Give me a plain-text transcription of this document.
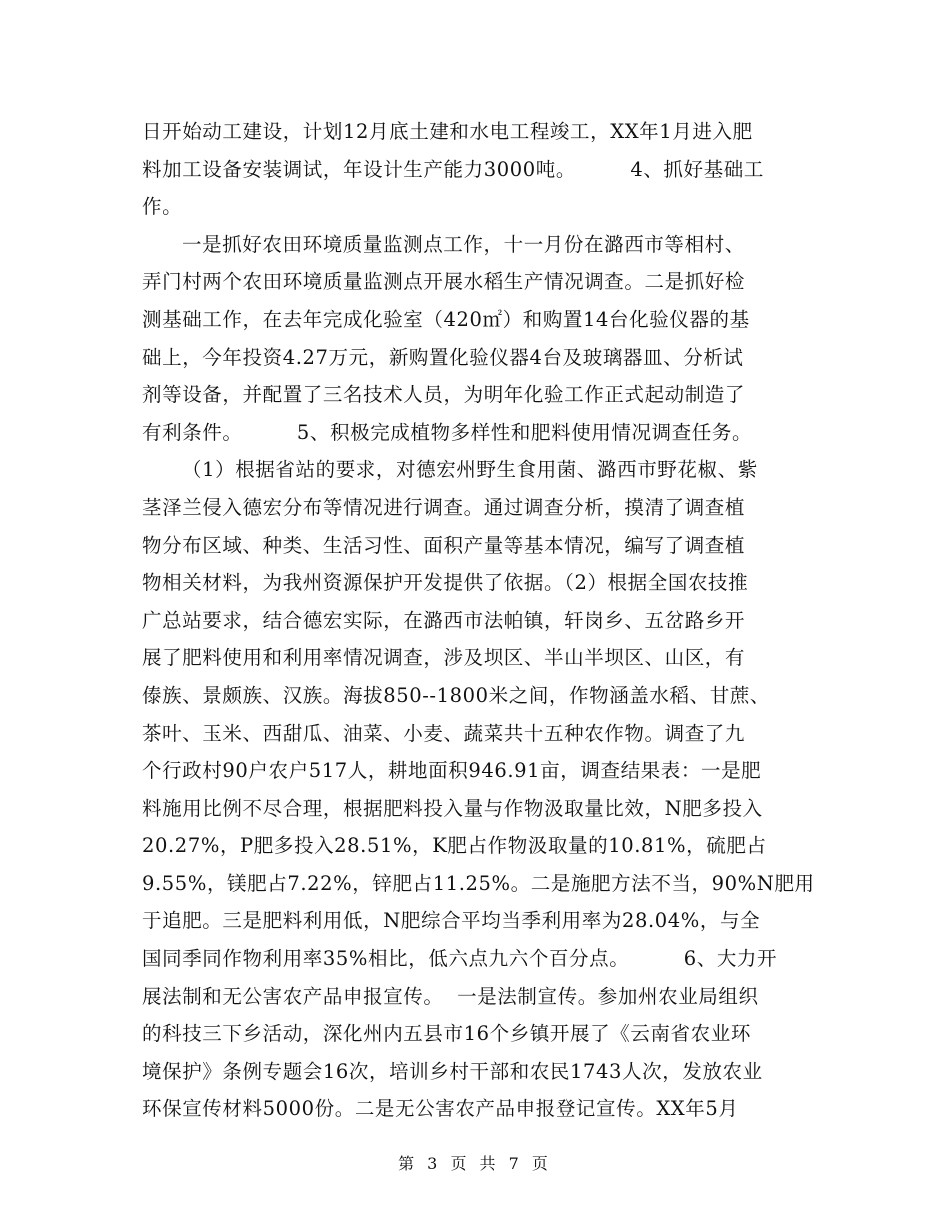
日开始动工建设，计划12月底土建和水电工程竣工，XX年1月进入肥
料加工设备安装调试，年设计生产能力3000吨。        4、抓好基础工
作。
一是抓好农田环境质量监测点工作，十一月份在潞西市等相村、
弄门村两个农田环境质量监测点开展水稻生产情况调查。二是抓好检
测基础工作，在去年完成化验室（420㎡）和购置14台化验仪器的基
础上，今年投资4.27万元，新购置化验仪器4台及玻璃器皿、分析试
剂等设备，并配置了三名技术人员，为明年化验工作正式起动制造了
有利条件。        5、积极完成植物多样性和肥料使用情况调查任务。
（1）根据省站的要求，对德宏州野生食用菌、潞西市野花椒、紫
茎泽兰侵入德宏分布等情况进行调查。通过调查分析，摸清了调查植
物分布区域、种类、生活习性、面积产量等基本情况，编写了调查植
物相关材料，为我州资源保护开发提供了依据。（2）根据全国农技推
广总站要求，结合德宏实际，在潞西市法帕镇，轩岗乡、五岔路乡开
展了肥料使用和利用率情况调查，涉及坝区、半山半坝区、山区，有
傣族、景颇族、汉族。海拔850--1800米之间，作物涵盖水稻、甘蔗、
茶叶、玉米、西甜瓜、油菜、小麦、蔬菜共十五种农作物。调查了九
个行政村90户农户517人，耕地面积946.91亩，调查结果表：一是肥
料施用比例不尽合理，根据肥料投入量与作物汲取量比效，N肥多投入
20.27%，P肥多投入28.51%，K肥占作物汲取量的10.81%，硫肥占
9.55%，镁肥占7.22%，锌肥占11.25%。二是施肥方法不当，90%N肥用
于追肥。三是肥料利用低，N肥综合平均当季利用率为28.04%，与全
国同季同作物利用率35%相比，低六点九六个百分点。        6、大力开
展法制和无公害农产品申报宣传。  一是法制宣传。参加州农业局组织
的科技三下乡活动，深化州内五县市16个乡镇开展了《云南省农业环
境保护》条例专题会16次，培训乡村干部和农民1743人次，发放农业
环保宣传材料5000份。二是无公害农产品申报登记宣传。XX年5月
第 3 页 共 7 页
